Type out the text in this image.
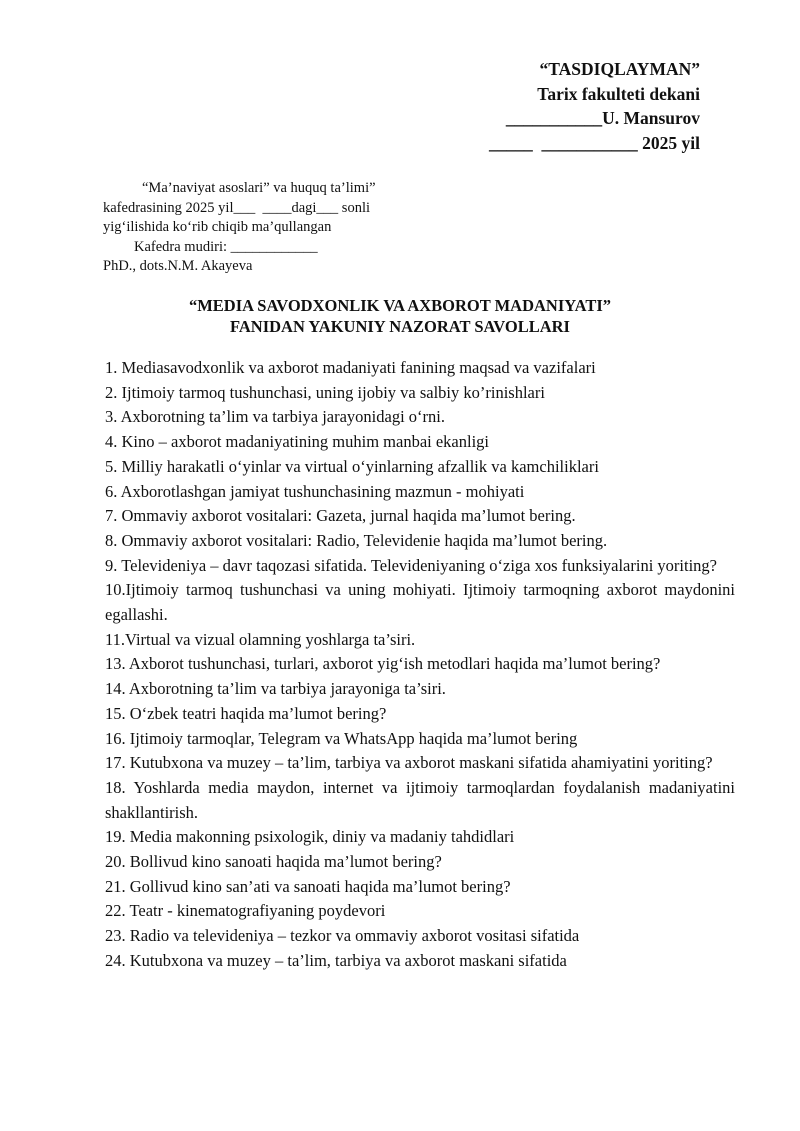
“TASDIQLAYMAN”
Tarix fakulteti dekani
___________U. Mansurov
_____  ___________ 2025 yil
“Ma’naviyat asoslari” va huquq ta’limi”
kafedrasining 2025 yil___  ____dagi___ sonli
yig‘ilishida ko‘rib chiqib ma’qullangan
Kafedra mudiri: ____________
PhD., dots.N.M. Akayeva
“MEDIA SAVODXONLIK VA AXBOROT MADANIYATI”
FANIDAN YAKUNIY NAZORAT SAVOLLARI
1. Mediasavodxonlik va axborot madaniyati fanining maqsad va vazifalari
2. Ijtimoiy tarmoq tushunchasi, uning ijobiy va salbiy ko’rinishlari
3. Axborotning ta’lim va tarbiya jarayonidagi o‘rni.
4. Kino – axborot madaniyatining muhim manbai ekanligi
5. Milliy harakatli o‘yinlar va virtual o‘yinlarning afzallik va kamchiliklari
6. Axborotlashgan jamiyat tushunchasining mazmun - mohiyati
7. Ommaviy axborot vositalari: Gazeta, jurnal haqida ma’lumot bering.
8. Ommaviy axborot vositalari: Radio, Televidenie haqida ma’lumot bering.
9. Televideniya – davr taqozasi sifatida. Televideniyaning o‘ziga xos funksiyalarini yoriting?
10.Ijtimoiy tarmoq tushunchasi va uning mohiyati. Ijtimoiy tarmoqning axborot maydonini egallashi.
11.Virtual va vizual olamning yoshlarga ta’siri.
13. Axborot tushunchasi, turlari, axborot yig‘ish metodlari haqida ma’lumot bering?
14. Axborotning ta’lim va tarbiya jarayoniga ta’siri.
15. O‘zbek teatri haqida ma’lumot bering?
16. Ijtimoiy tarmoqlar, Telegram va WhatsApp haqida ma’lumot bering
17. Kutubxona va muzey – ta’lim, tarbiya va axborot maskani sifatida ahamiyatini yoriting?
18. Yoshlarda media maydon, internet va ijtimoiy tarmoqlardan foydalanish madaniyatini shakllantirish.
19. Media makonning psixologik, diniy va madaniy tahdidlari
20. Bollivud kino sanoati haqida ma’lumot bering?
21. Gollivud kino san’ati va sanoati haqida ma’lumot bering?
22. Teatr - kinematografiyaning poydevori
23. Radio va televideniya – tezkor va ommaviy axborot vositasi sifatida
24. Kutubxona va muzey – ta’lim, tarbiya va axborot maskani sifatida
